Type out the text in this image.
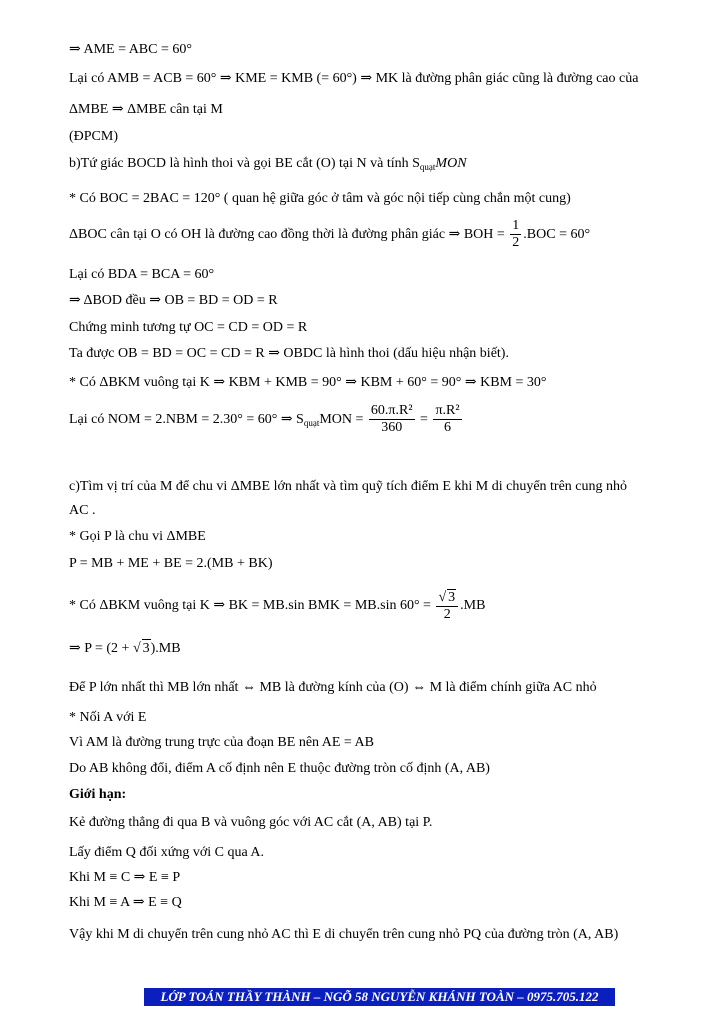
⇒ AME = ABC = 60°
Lại có AMB = ACB = 60° ⇒ KME = KMB (= 60°) ⇒ MK là đường phân giác cũng là đường cao của
ΔMBE ⇒ ΔMBE cân tại M
(ĐPCM)
b)Tứ giác BOCD là hình thoi và gọi BE cắt (O) tại N và tính $S_{quạt}MON$
* Có BOC = 2BAC = 120° ( quan hệ giữa góc ở tâm và góc nội tiếp cùng chắn một cung)
ΔBOC cân tại O có OH là đường cao đồng thời là đường phân giác ⇒ BOH = $\frac{1}{2} .BOC = 60^\circ$
Lại có BDA = BCA = 60°
⇒ ΔBOD đều ⇒ OB = BD = OD = R
Chứng minh tương tự OC = CD = OD = R
Ta được OB = BD = OC = CD = R ⇒ OBDC là hình thoi (dấu hiệu nhận biết).
* Có ΔBKM vuông tại K ⇒ KBM + KMB = 90° ⇒ KBM + 60° = 90° ⇒ KBM = 30°
Lại có NOM = 2.NBM = 2.30° = 60° ⇒ $S_{quạt}MON = \frac{\text{60.π.R²}}{360} = \frac{\text{π.R²}}{6}$
c)Tìm vị trí của M để chu vi ΔMBE lớn nhất và tìm quỹ tích điểm E khi M di chuyển trên cung nhỏ
AC .
* Gọi P là chu vi ΔMBE
P = MB + ME + BE = 2.(MB + BK)
* Có ΔBKM vuông tại K ⇒ BK = MB.sin BMK = MB.sin $60^\circ = \frac{√ 3}{2} .MB$
⇒ P = (2 + √ 3).MB
Để P lớn nhất thì MB lớn nhất ⇔ MB là đường kính của (O) ⇔ M là điểm chính giữa AC nhỏ
* Nối A với E
Vì AM là đường trung trực của đoạn BE nên AE = AB
Do AB không đổi, điểm A cố định nên E thuộc đường tròn cố định (A, AB)
Giới hạn:
Kẻ đường thẳng đi qua B và vuông góc với AC cắt (A, AB) tại P.
Lấy điểm Q đối xứng với C qua A.
Khi M ≡ C ⇒ E ≡ P
Khi M ≡ A ⇒ E ≡ Q
Vậy khi M di chuyển trên cung nhỏ AC thì E di chuyển trên cung nhỏ PQ của đường tròn (A, AB)
LỚP TOÁN THẦY THÀNH – NGÕ 58 NGUYỄN KHÁNH TOÀN – 0975.705.122
